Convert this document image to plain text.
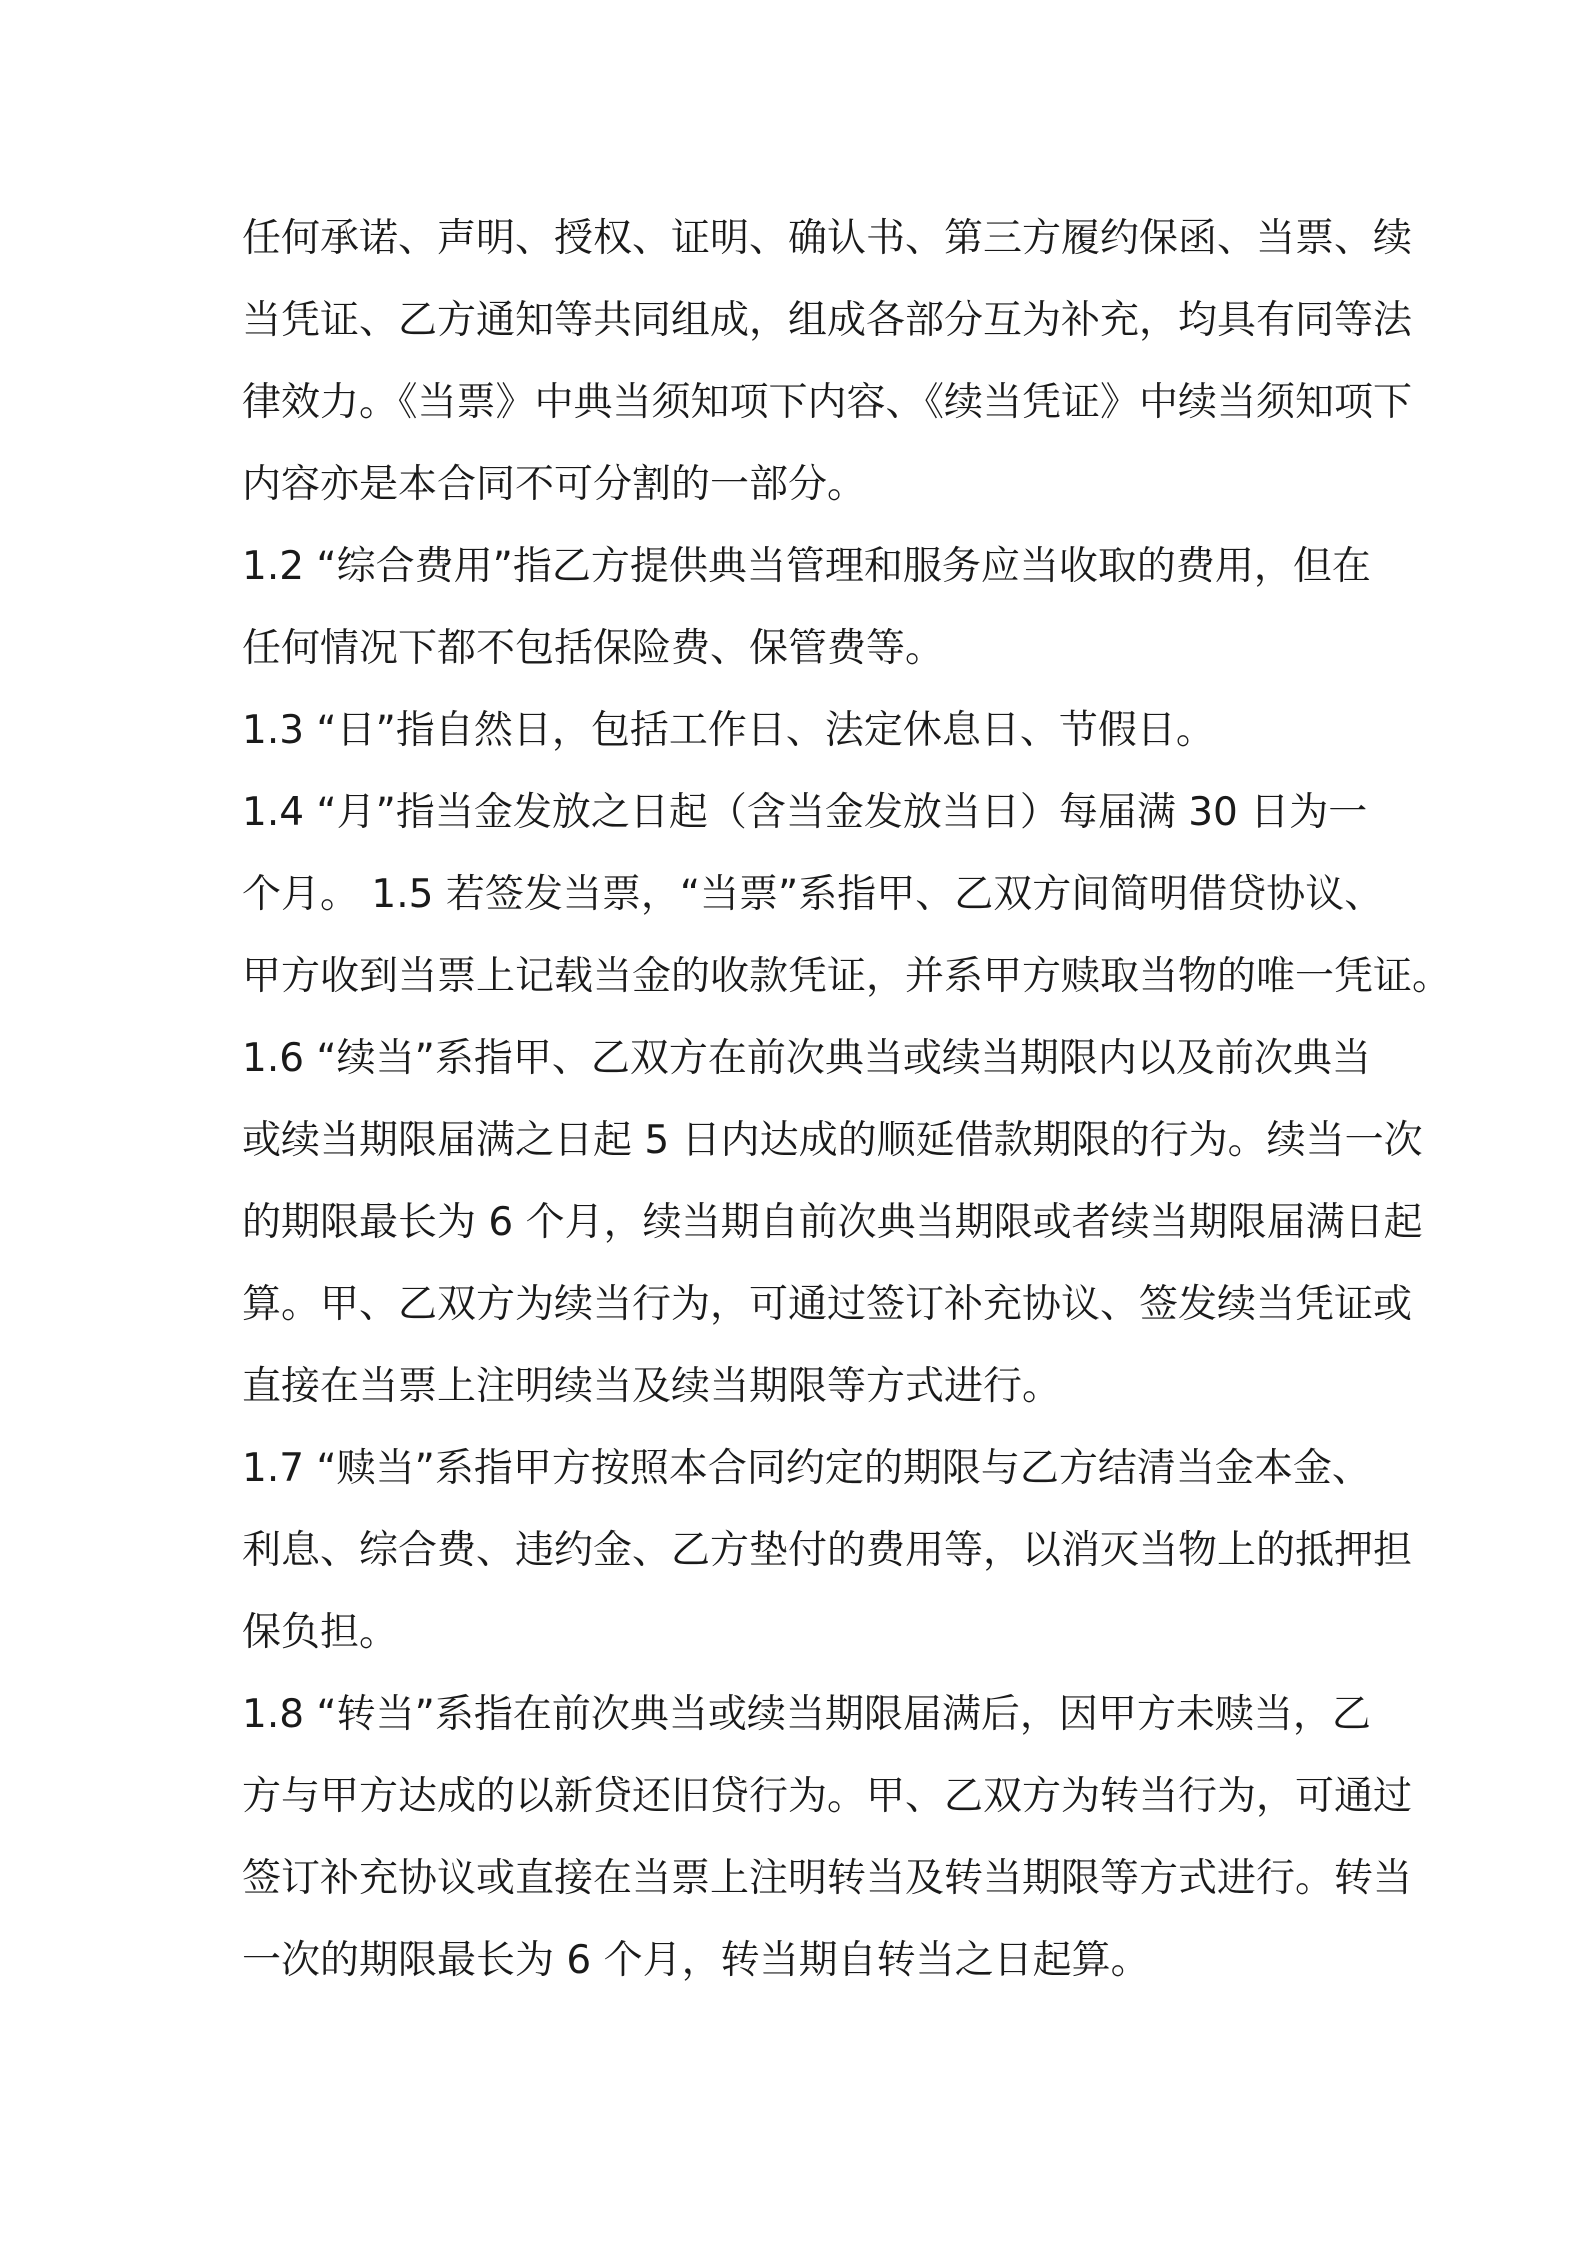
任何承诺、声明、授权、证明、确认书、第三方履约保函、当票、续
当凭证、乙方通知等共同组成，组成各部分互为补充，均具有同等法
律效力。《当票》中典当须知项下内容、《续当凭证》中续当须知项下
内容亦是本合同不可分割的一部分。
1.2 “综合费用”指乙方提供典当管理和服务应当收取的费用，但在
任何情况下都不包括保险费、保管费等。
1.3 “日”指自然日，包括工作日、法定休息日、节假日。
1.4 “月”指当金发放之日起（含当金发放当日）每届满 30 日为一
个月。 1.5 若签发当票，“当票”系指甲、乙双方间简明借贷协议、
甲方收到当票上记载当金的收款凭证，并系甲方赎取当物的唯一凭证。
1.6 “续当”系指甲、乙双方在前次典当或续当期限内以及前次典当
或续当期限届满之日起 5 日内达成的顺延借款期限的行为。续当一次
的期限最长为 6 个月，续当期自前次典当期限或者续当期限届满日起
算。甲、乙双方为续当行为，可通过签订补充协议、签发续当凭证或
直接在当票上注明续当及续当期限等方式进行。
1.7 “赎当”系指甲方按照本合同约定的期限与乙方结清当金本金、
利息、综合费、违约金、乙方垫付的费用等，以消灭当物上的抵押担
保负担。
1.8 “转当”系指在前次典当或续当期限届满后，因甲方未赎当，乙
方与甲方达成的以新贷还旧贷行为。甲、乙双方为转当行为，可通过
签订补充协议或直接在当票上注明转当及转当期限等方式进行。转当
一次的期限最长为 6 个月，转当期自转当之日起算。
